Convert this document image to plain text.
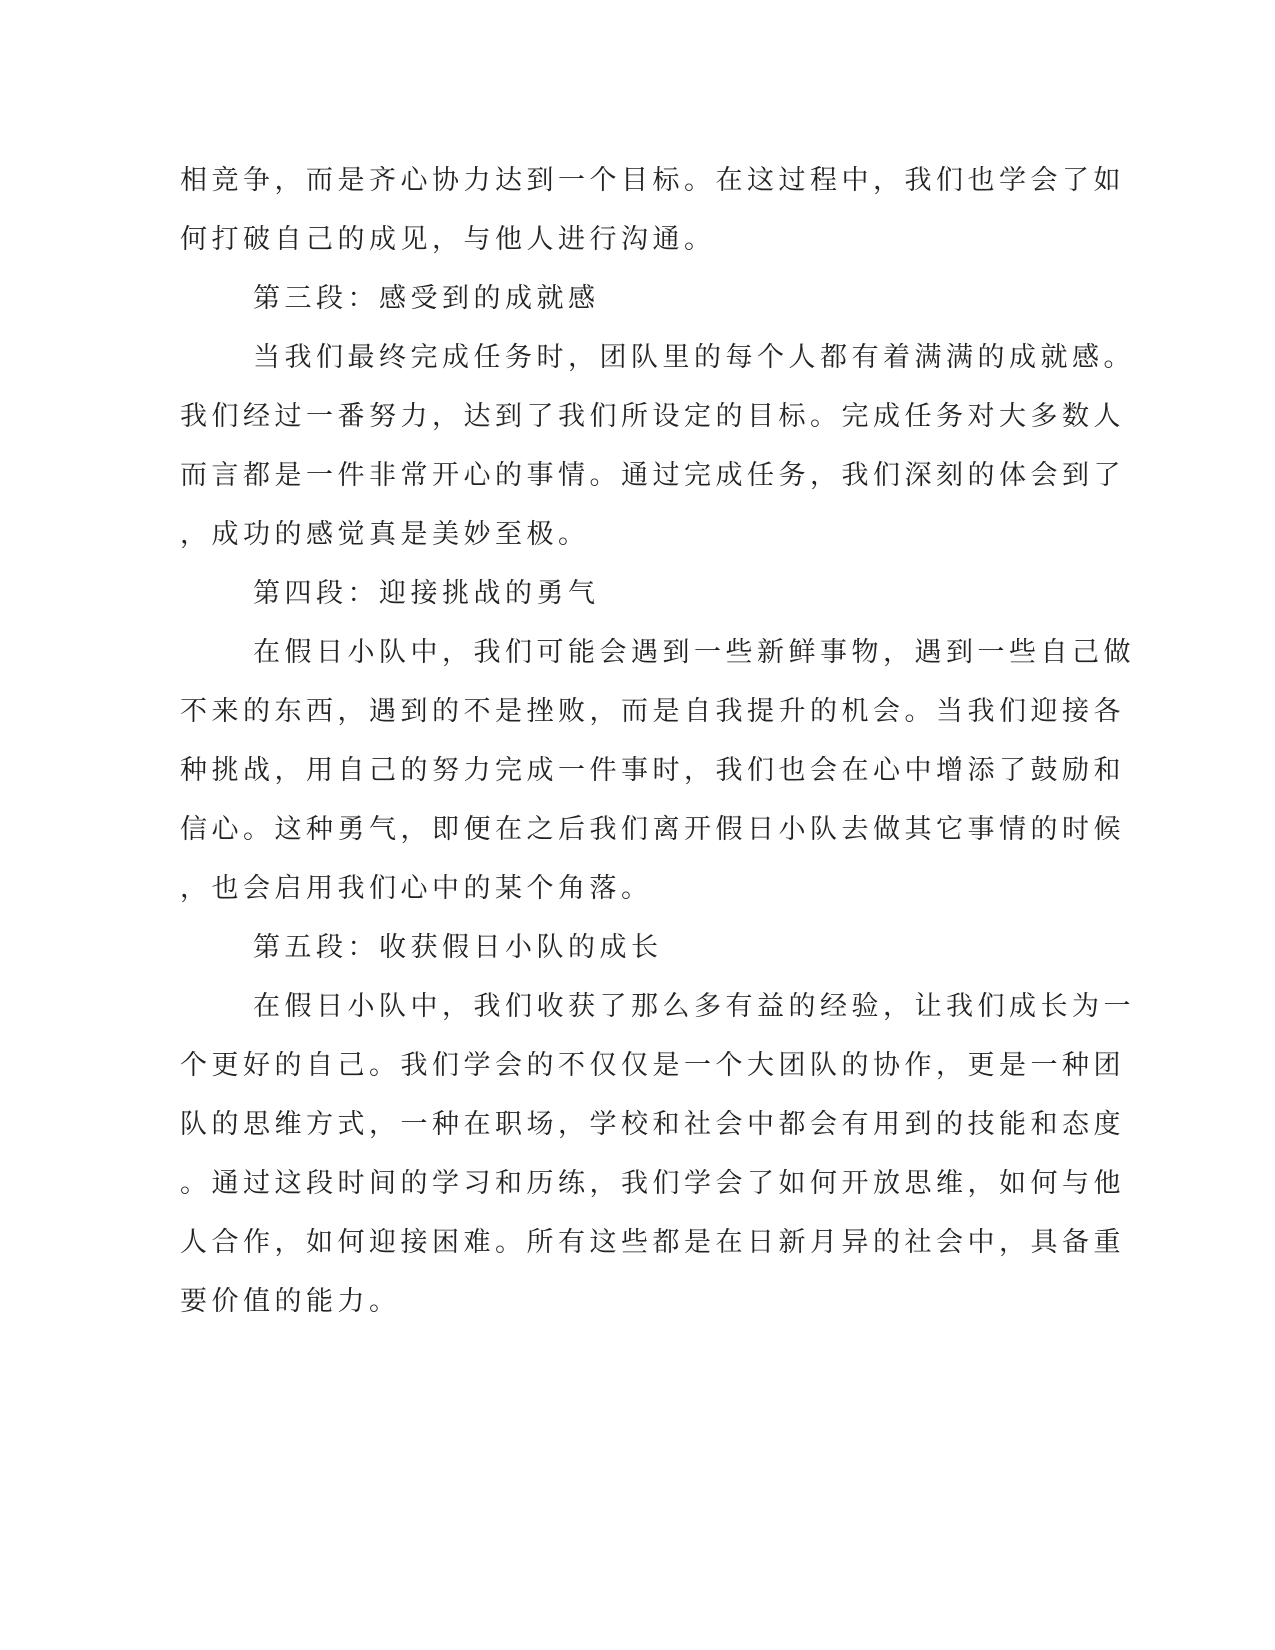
相竞争，而是齐心协力达到一个目标。在这过程中，我们也学会了如
何打破自己的成见，与他人进行沟通。
第三段：感受到的成就感
当我们最终完成任务时，团队里的每个人都有着满满的成就感。
我们经过一番努力，达到了我们所设定的目标。完成任务对大多数人
而言都是一件非常开心的事情。通过完成任务，我们深刻的体会到了
，成功的感觉真是美妙至极。
第四段：迎接挑战的勇气
在假日小队中，我们可能会遇到一些新鲜事物，遇到一些自己做
不来的东西，遇到的不是挫败，而是自我提升的机会。当我们迎接各
种挑战，用自己的努力完成一件事时，我们也会在心中增添了鼓励和
信心。这种勇气，即便在之后我们离开假日小队去做其它事情的时候
，也会启用我们心中的某个角落。
第五段：收获假日小队的成长
在假日小队中，我们收获了那么多有益的经验，让我们成长为一
个更好的自己。我们学会的不仅仅是一个大团队的协作，更是一种团
队的思维方式，一种在职场，学校和社会中都会有用到的技能和态度
。通过这段时间的学习和历练，我们学会了如何开放思维，如何与他
人合作，如何迎接困难。所有这些都是在日新月异的社会中，具备重
要价值的能力。
